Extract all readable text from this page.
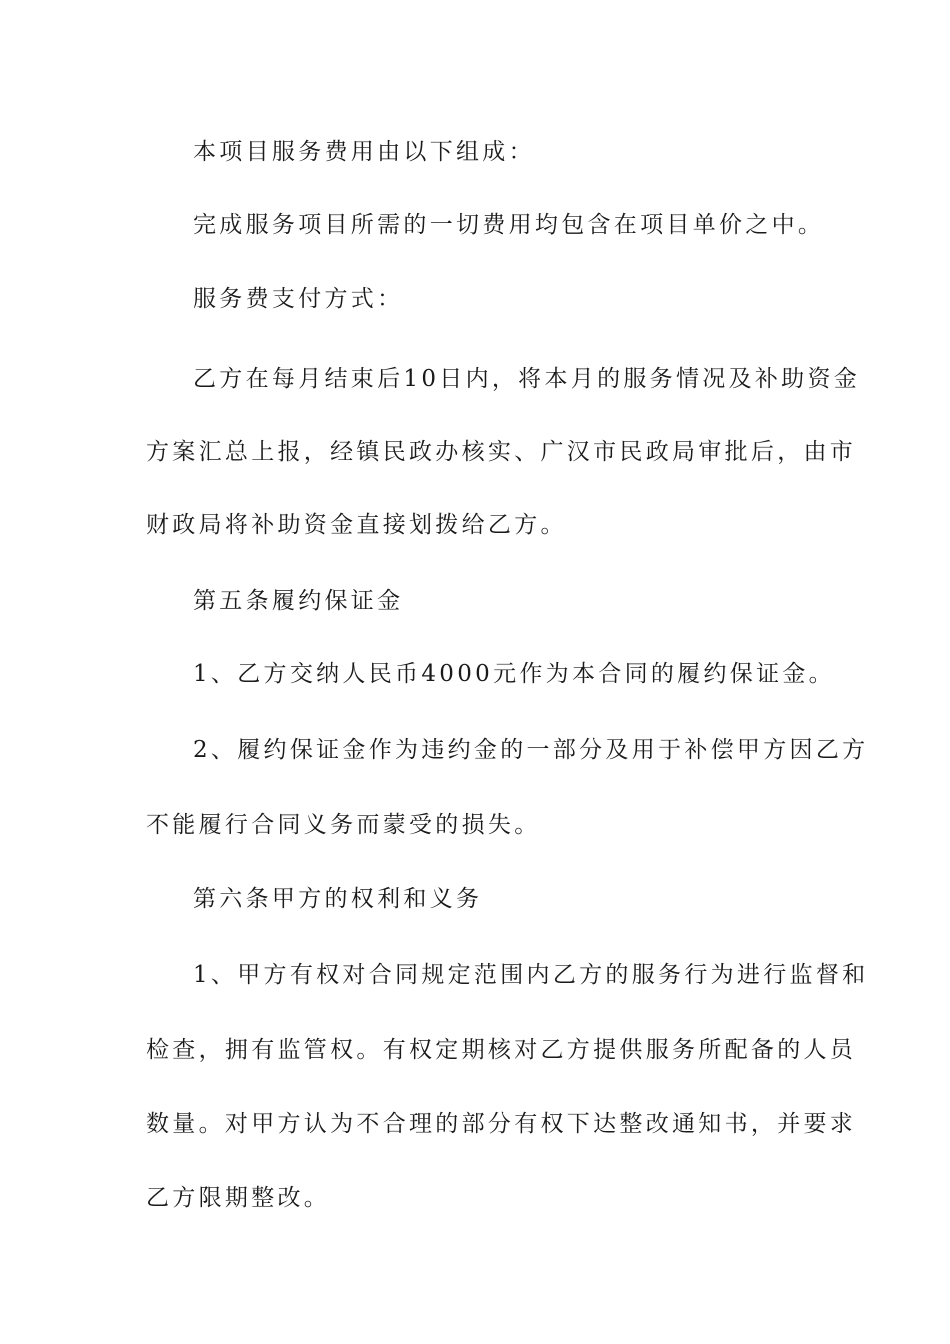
本项目服务费用由以下组成：
完成服务项目所需的一切费用均包含在项目单价之中。
服务费支付方式：
乙方在每月结束后10日内，将本月的服务情况及补助资金
方案汇总上报，经镇民政办核实、广汉市民政局审批后，由市
财政局将补助资金直接划拨给乙方。
第五条履约保证金
1、乙方交纳人民币4000元作为本合同的履约保证金。
2、履约保证金作为违约金的一部分及用于补偿甲方因乙方
不能履行合同义务而蒙受的损失。
第六条甲方的权利和义务
1、甲方有权对合同规定范围内乙方的服务行为进行监督和
检查，拥有监管权。有权定期核对乙方提供服务所配备的人员
数量。对甲方认为不合理的部分有权下达整改通知书，并要求
乙方限期整改。
